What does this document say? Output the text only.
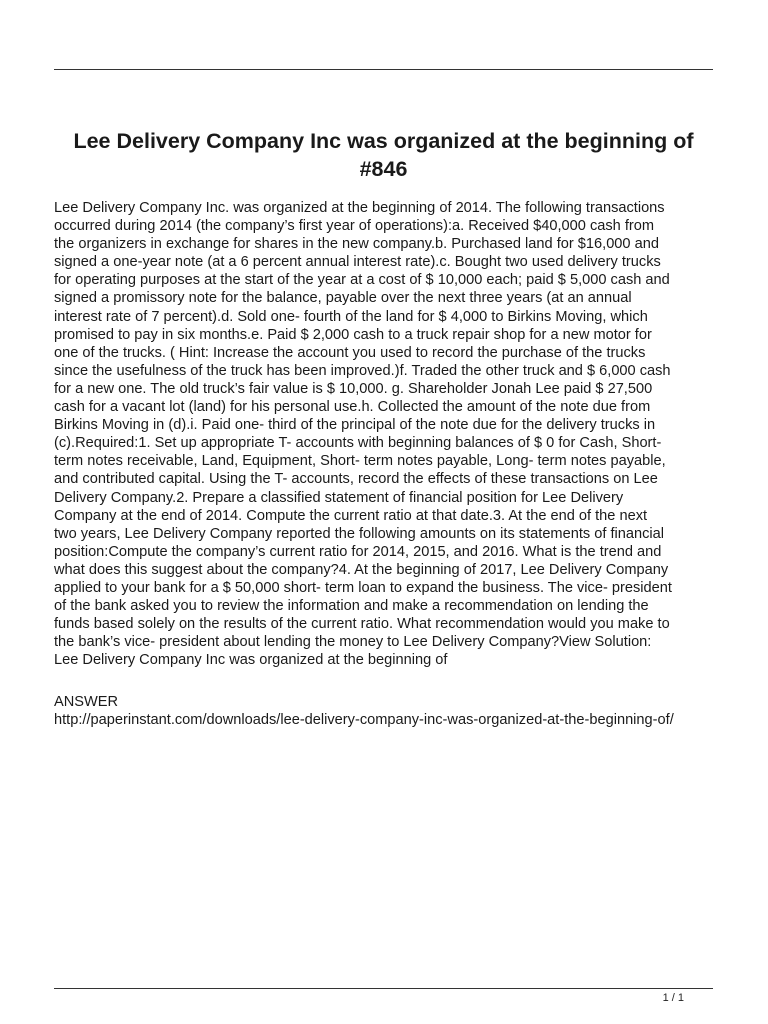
Lee Delivery Company Inc was organized at the beginning of #846
Lee Delivery Company Inc. was organized at the beginning of 2014. The following transactions
occurred during 2014 (the company’s first year of operations):a. Received $40,000 cash from
the organizers in exchange for shares in the new company.b. Purchased land for $16,000 and
signed a one-year note (at a 6 percent annual interest rate).c. Bought two used delivery trucks
for operating purposes at the start of the year at a cost of $ 10,000 each; paid $ 5,000 cash and
signed a promissory note for the balance, payable over the next three years (at an annual
interest rate of 7 percent).d. Sold one- fourth of the land for $ 4,000 to Birkins Moving, which
promised to pay in six months.e. Paid $ 2,000 cash to a truck repair shop for a new motor for
one of the trucks. ( Hint: Increase the account you used to record the purchase of the trucks
since the usefulness of the truck has been improved.)f. Traded the other truck and $ 6,000 cash
for a new one. The old truck’s fair value is $ 10,000. g. Shareholder Jonah Lee paid $ 27,500
cash for a vacant lot (land) for his personal use.h. Collected the amount of the note due from
Birkins Moving in (d).i. Paid one- third of the principal of the note due for the delivery trucks in
(c).Required:1. Set up appropriate T- accounts with beginning balances of $ 0 for Cash, Short-
term notes receivable, Land, Equipment, Short- term notes payable, Long- term notes payable,
and contributed capital. Using the T- accounts, record the effects of these transactions on Lee
Delivery Company.2. Prepare a classified statement of financial position for Lee Delivery
Company at the end of 2014. Compute the current ratio at that date.3. At the end of the next
two years, Lee Delivery Company reported the following amounts on its statements of financial
position:Compute the company’s current ratio for 2014, 2015, and 2016. What is the trend and
what does this suggest about the company?4. At the beginning of 2017, Lee Delivery Company
applied to your bank for a $ 50,000 short- term loan to expand the business. The vice- president
of the bank asked you to review the information and make a recommendation on lending the
funds based solely on the results of the current ratio. What recommendation would you make to
the bank’s vice- president about lending the money to Lee Delivery Company?View Solution:
Lee Delivery Company Inc was organized at the beginning of

ANSWER

http://paperinstant.com/downloads/lee-delivery-company-inc-was-organized-at-the-beginning-of/

1 / 1
